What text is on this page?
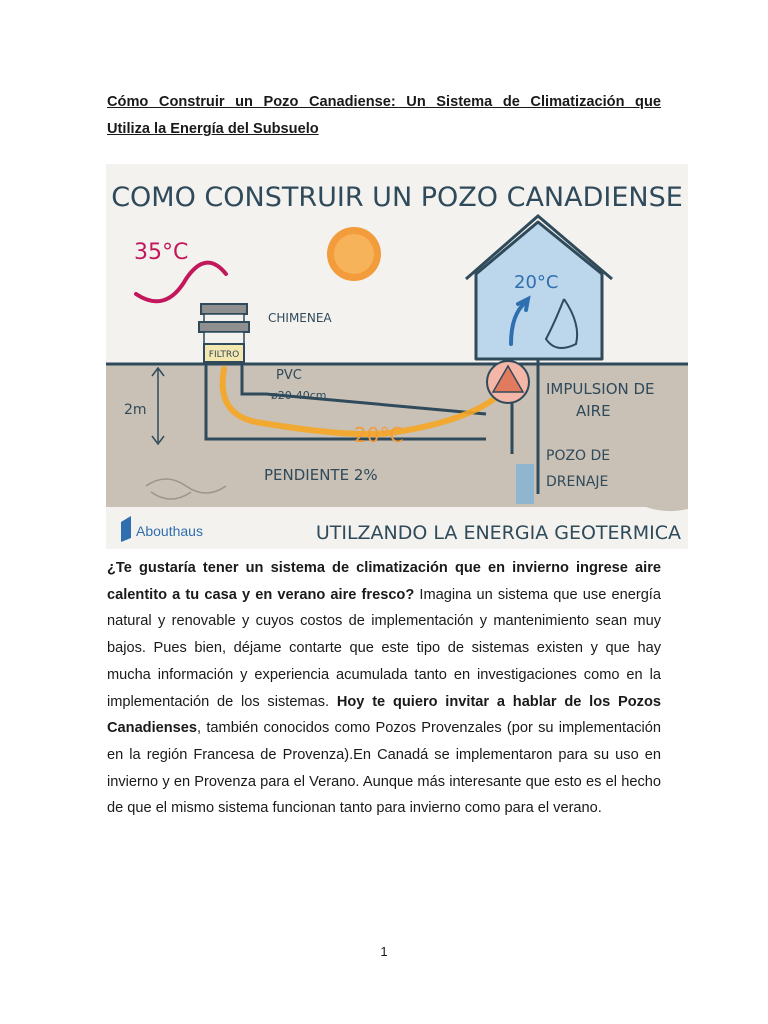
Cómo Construir un Pozo Canadiense: Un Sistema de Climatización que
Utiliza la Energía del Subsuelo
COMO CONSTRUIR UN POZO CANADIENSE
35°C
FILTRO
CHIMENEA
PVC
ø20-40cm
20°C
2m
PENDIENTE 2%
20°C
IMPULSION DE
AIRE
POZO DE
DRENAJE
Abouthaus	UTILZANDO LA ENERGIA GEOTERMICA

¿Te gustaría tener un sistema de climatización que en invierno ingrese aire calentito a tu casa y en verano aire fresco? Imagina un sistema que use energía natural y renovable y cuyos costos de implementación y mantenimiento sean muy bajos. Pues bien, déjame contarte que este tipo de sistemas existen y que hay mucha información y experiencia acumulada tanto en investigaciones como en la implementación de los sistemas. Hoy te quiero invitar a hablar de los Pozos Canadienses, también conocidos como Pozos Provenzales (por su implementación en la región Francesa de Provenza).En Canadá se implementaron para su uso en invierno y en Provenza para el Verano. Aunque más interesante que esto es el hecho de que el mismo sistema funcionan tanto para invierno como para el verano.

1
